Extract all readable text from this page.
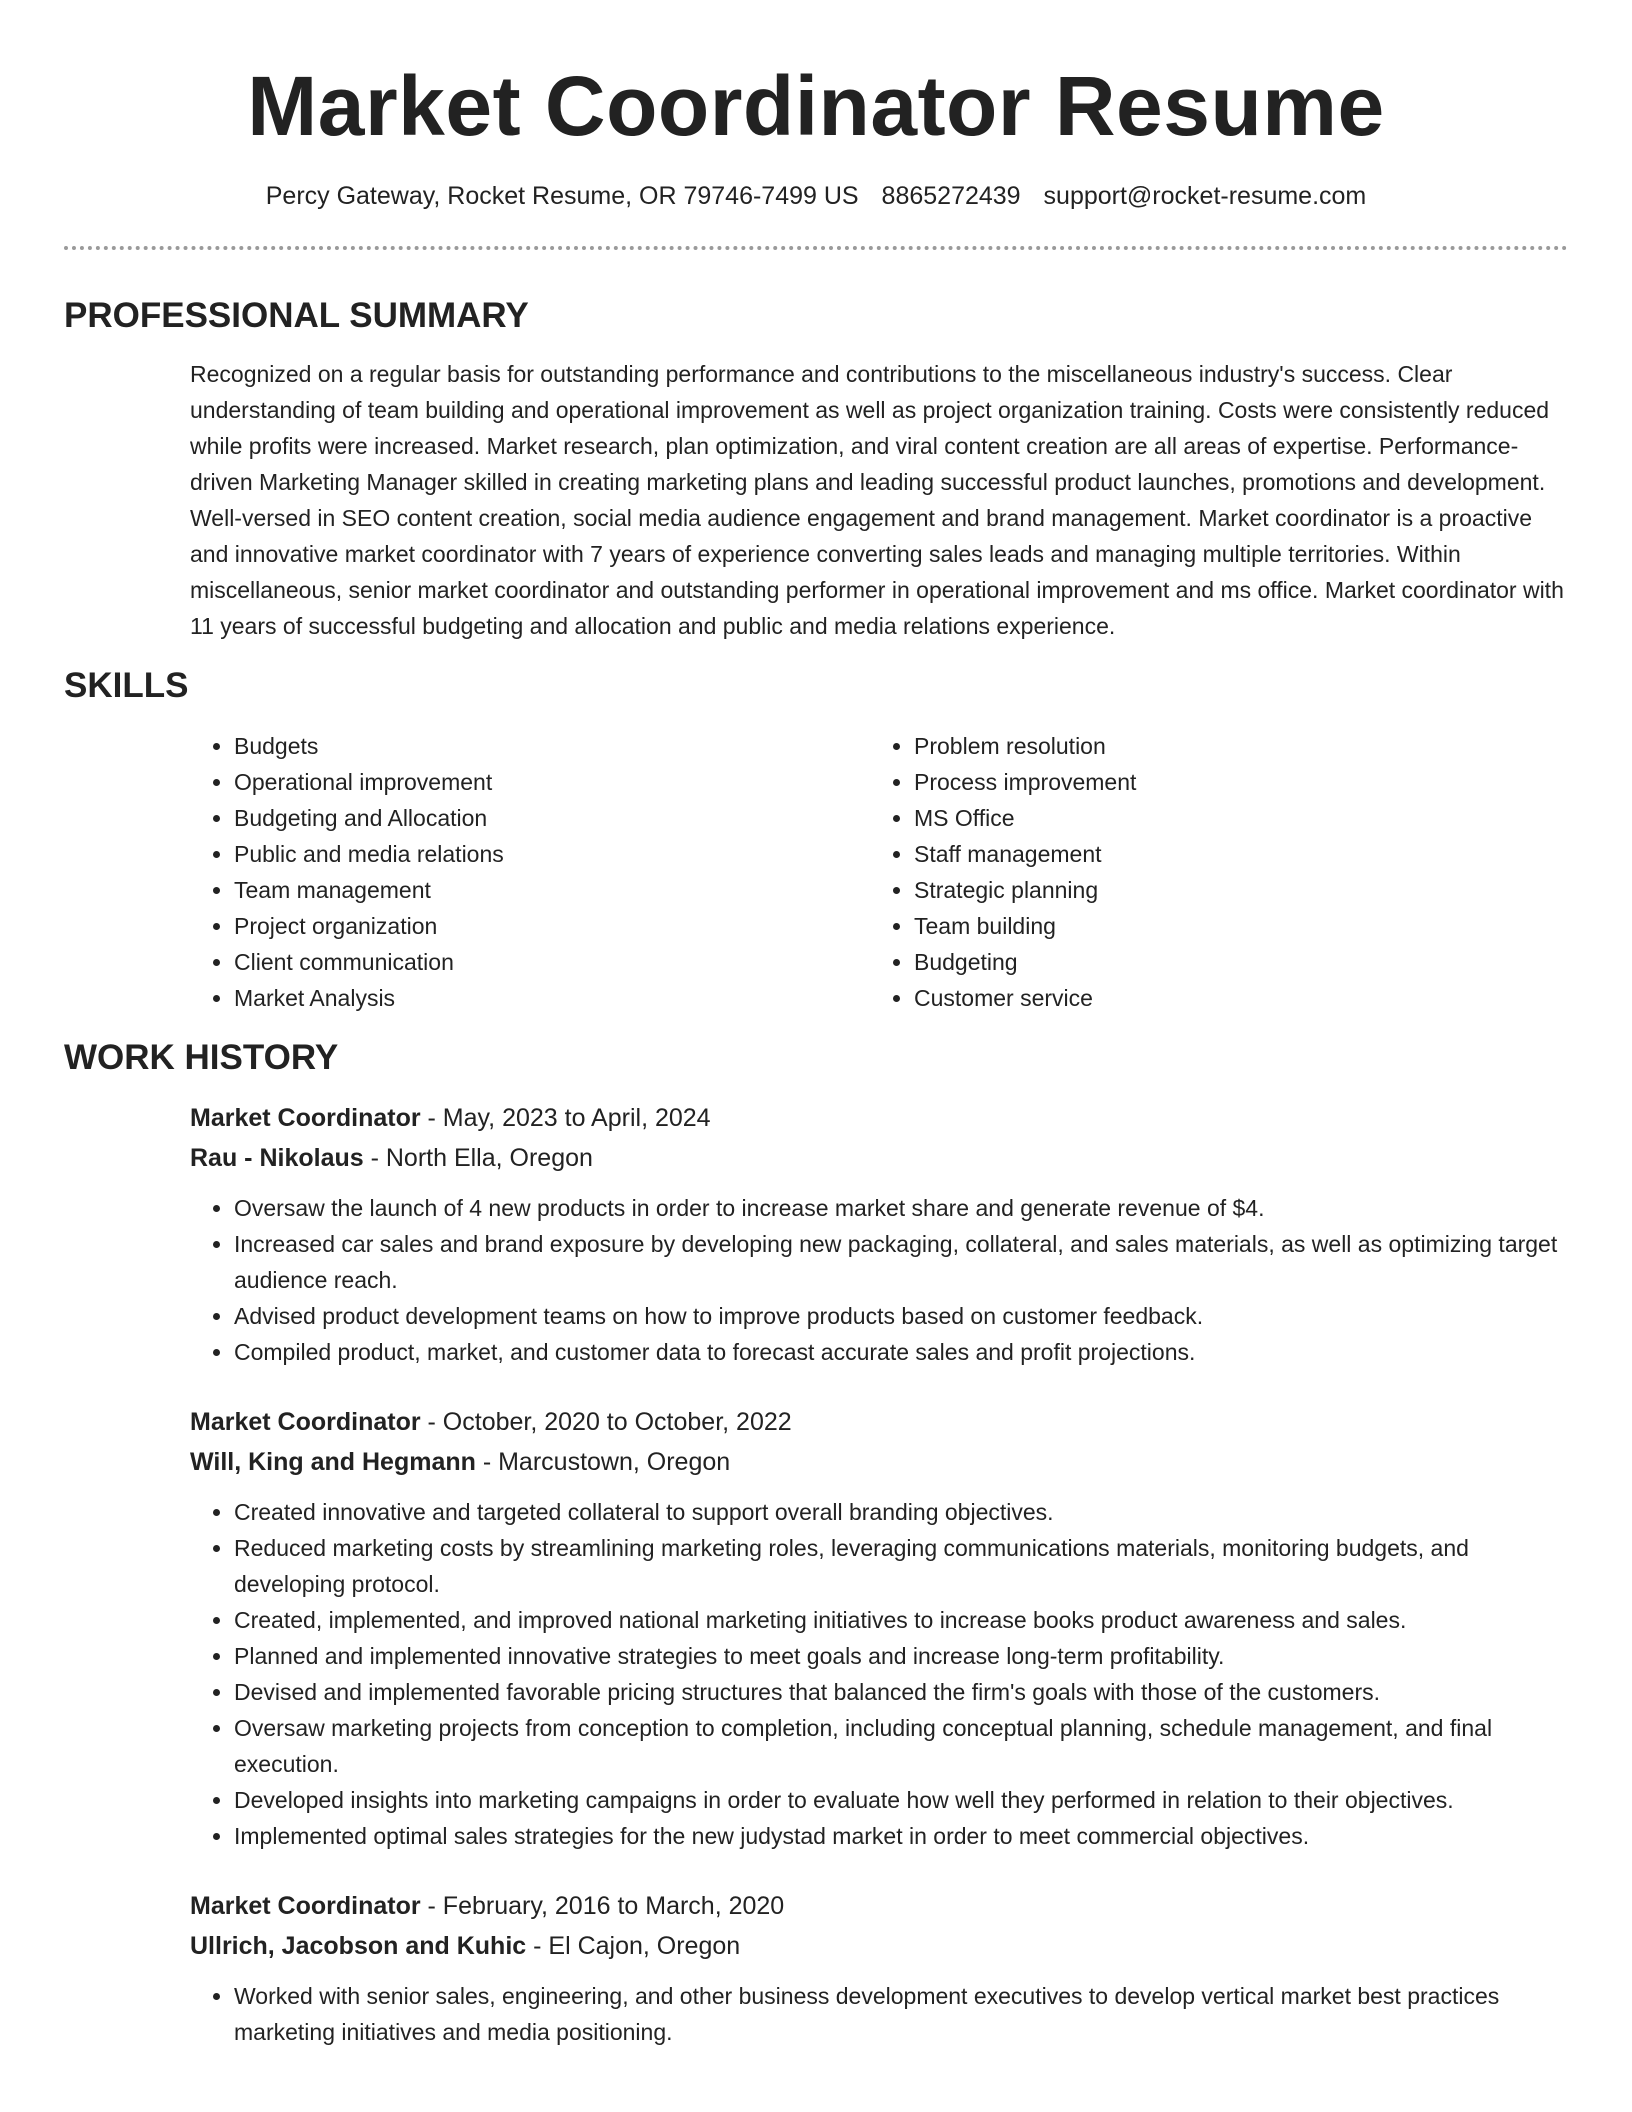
Market Coordinator Resume
Percy Gateway, Rocket Resume, OR 79746-7499 US 8865272439 support@rocket-resume.com
PROFESSIONAL SUMMARY

Recognized on a regular basis for outstanding performance and contributions to the miscellaneous industry's success. Clear understanding of team building and operational improvement as well as project organization training. Costs were consistently reduced while profits were increased. Market research, plan optimization, and viral content creation are all areas of expertise. Performance-driven Marketing Manager skilled in creating marketing plans and leading successful product launches, promotions and development. Well-versed in SEO content creation, social media audience engagement and brand management. Market coordinator is a proactive and innovative market coordinator with 7 years of experience converting sales leads and managing multiple territories. Within miscellaneous, senior market coordinator and outstanding performer in operational improvement and ms office. Market coordinator with 11 years of successful budgeting and allocation and public and media relations experience.

SKILLS
• Budgets
• Operational improvement
• Budgeting and Allocation
• Public and media relations
• Team management
• Project organization
• Client communication
• Market Analysis
• Problem resolution
• Process improvement
• MS Office
• Staff management
• Strategic planning
• Team building
• Budgeting
• Customer service
WORK HISTORY
Market Coordinator - May, 2023 to April, 2024
Rau - Nikolaus - North Ella, Oregon
• Oversaw the launch of 4 new products in order to increase market share and generate revenue of $4.
• Increased car sales and brand exposure by developing new packaging, collateral, and sales materials, as well as optimizing target audience reach.
• Advised product development teams on how to improve products based on customer feedback.
• Compiled product, market, and customer data to forecast accurate sales and profit projections.
Market Coordinator - October, 2020 to October, 2022
Will, King and Hegmann - Marcustown, Oregon
• Created innovative and targeted collateral to support overall branding objectives.
• Reduced marketing costs by streamlining marketing roles, leveraging communications materials, monitoring budgets, and developing protocol.
• Created, implemented, and improved national marketing initiatives to increase books product awareness and sales.
• Planned and implemented innovative strategies to meet goals and increase long-term profitability.
• Devised and implemented favorable pricing structures that balanced the firm's goals with those of the customers.
• Oversaw marketing projects from conception to completion, including conceptual planning, schedule management, and final execution.
• Developed insights into marketing campaigns in order to evaluate how well they performed in relation to their objectives.
• Implemented optimal sales strategies for the new judystad market in order to meet commercial objectives.
Market Coordinator - February, 2016 to March, 2020
Ullrich, Jacobson and Kuhic - El Cajon, Oregon
• Worked with senior sales, engineering, and other business development executives to develop vertical market best practices marketing initiatives and media positioning.
